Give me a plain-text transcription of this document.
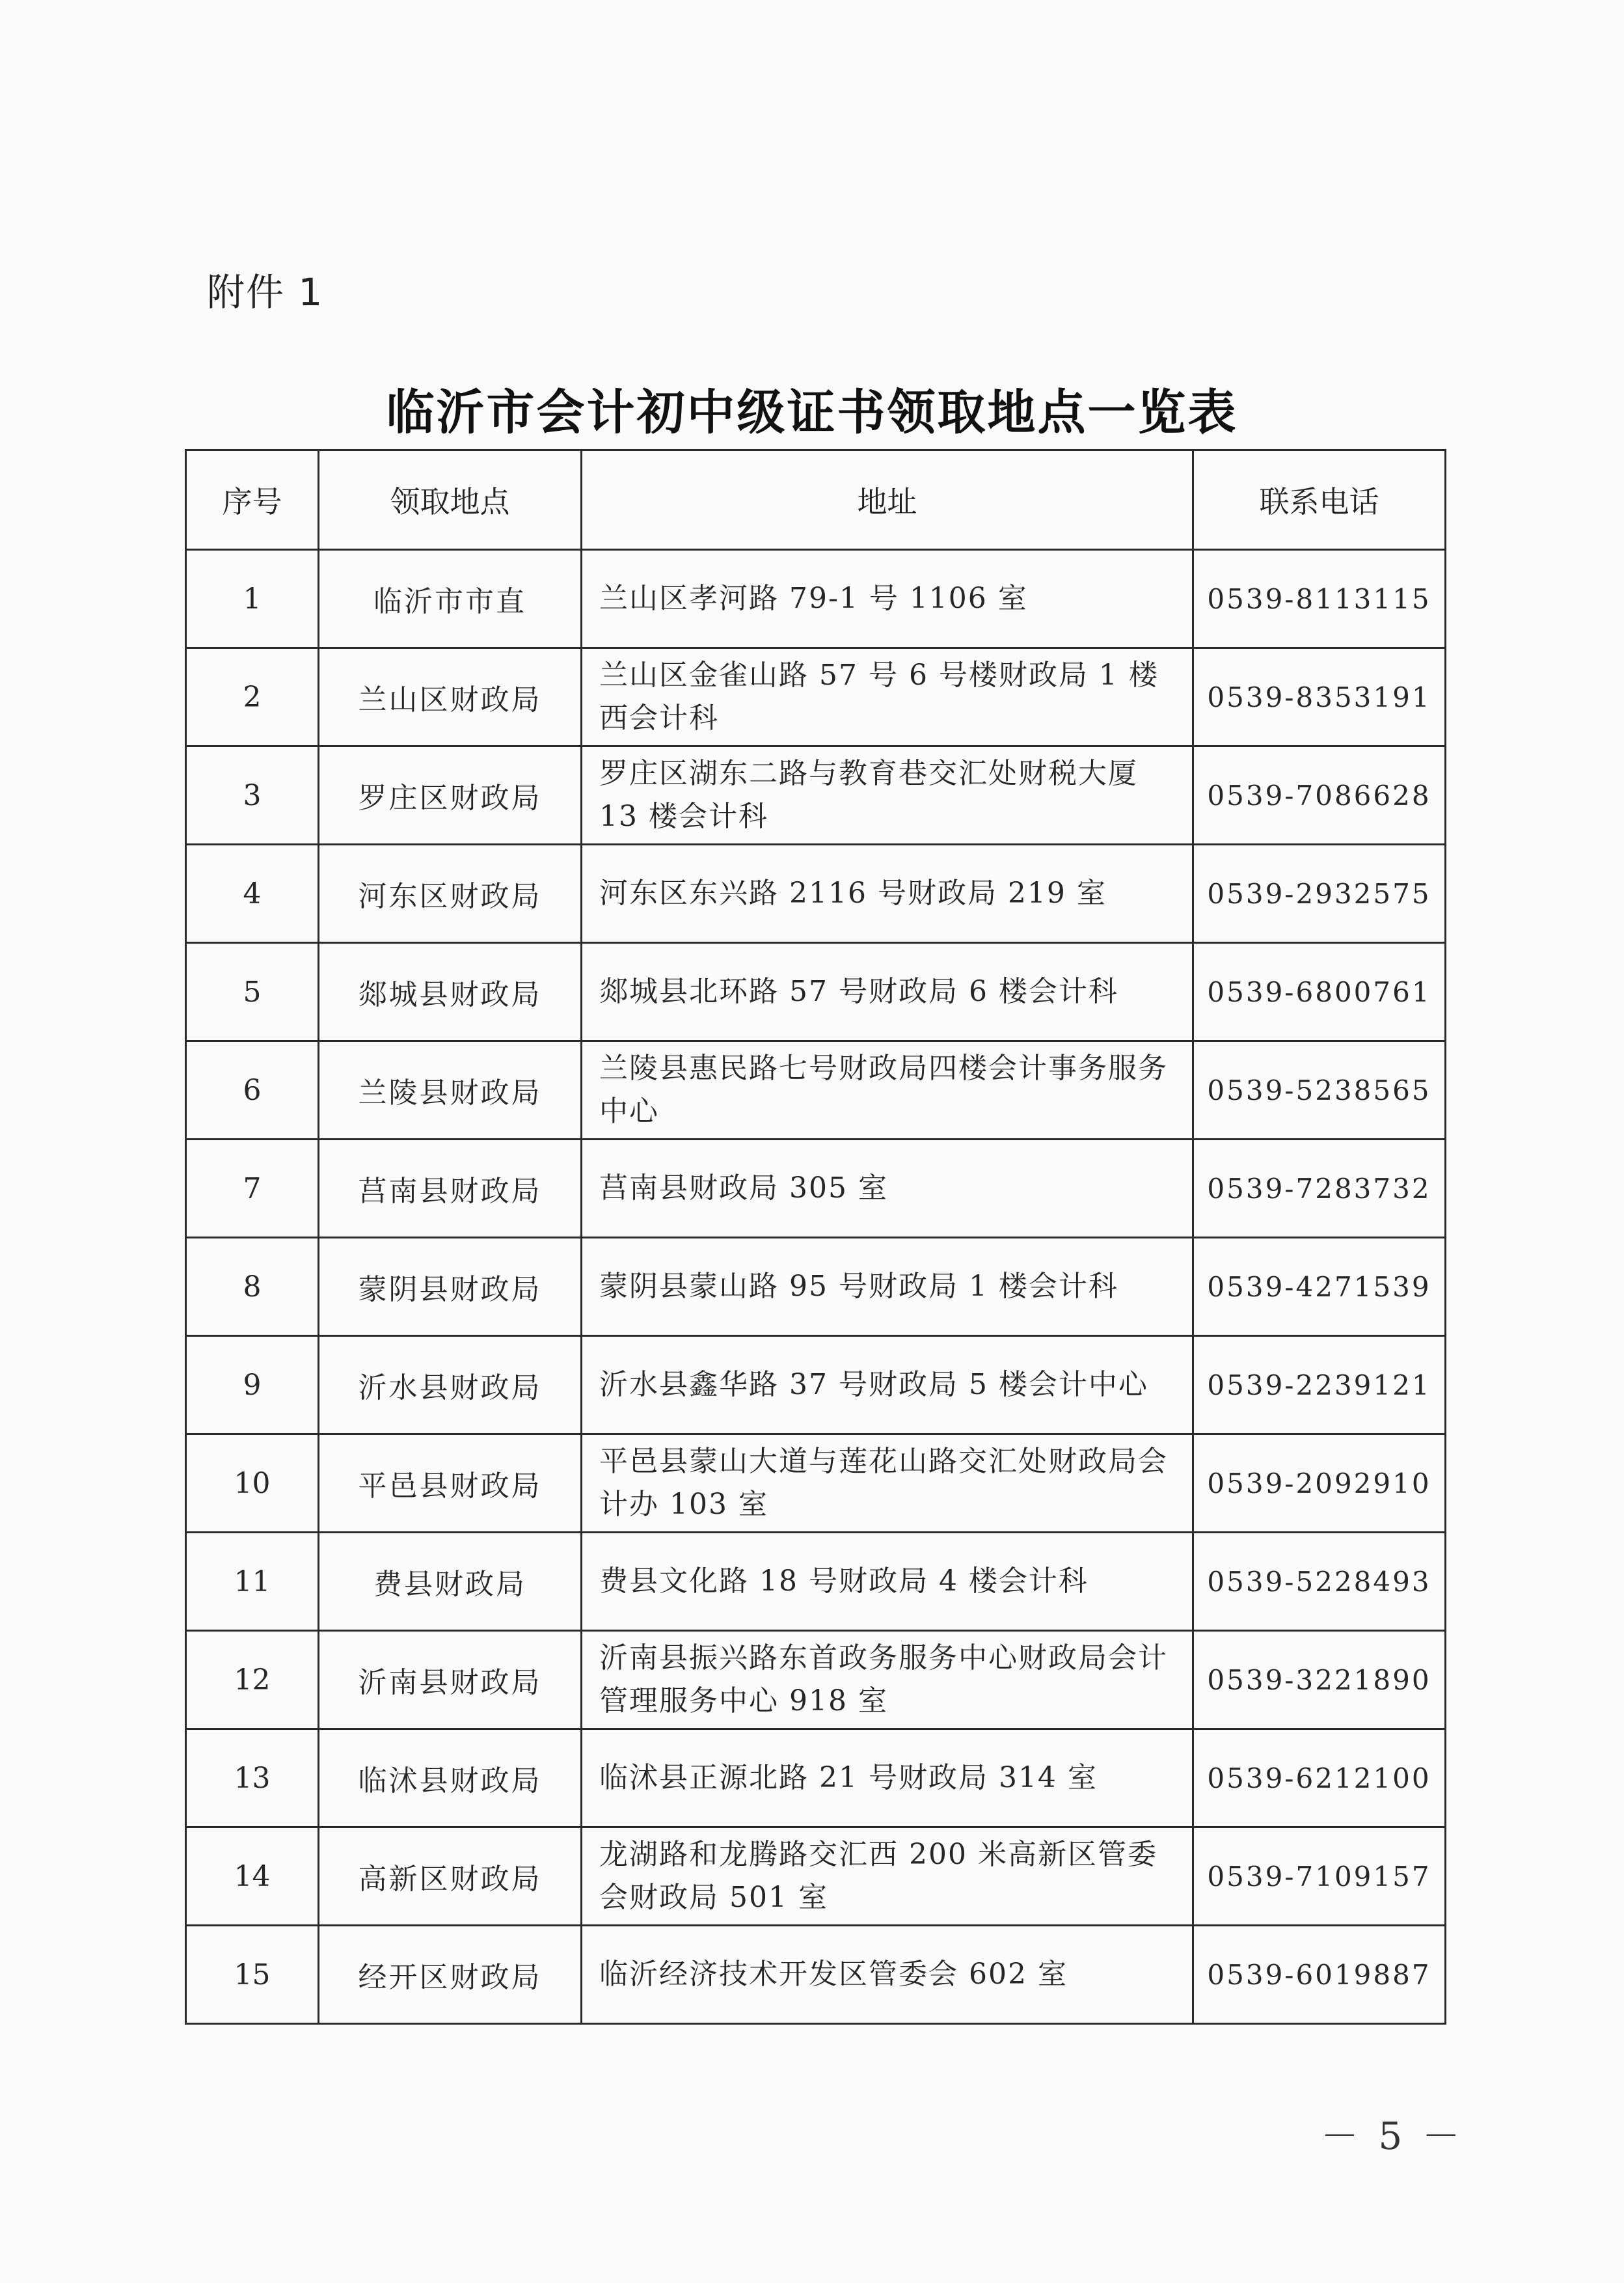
附件 1
临沂市会计初中级证书领取地点一览表
序号	领取地点	地址	联系电话
1	临沂市市直	兰山区孝河路 79-1 号 1106 室	0539-8113115
2	兰山区财政局	兰山区金雀山路 57 号 6 号楼财政局 1 楼西会计科	0539-8353191
3	罗庄区财政局	罗庄区湖东二路与教育巷交汇处财税大厦 13 楼会计科	0539-7086628
4	河东区财政局	河东区东兴路 2116 号财政局 219 室	0539-2932575
5	郯城县财政局	郯城县北环路 57 号财政局 6 楼会计科	0539-6800761
6	兰陵县财政局	兰陵县惠民路七号财政局四楼会计事务服务中心	0539-5238565
7	莒南县财政局	莒南县财政局 305 室	0539-7283732
8	蒙阴县财政局	蒙阴县蒙山路 95 号财政局 1 楼会计科	0539-4271539
9	沂水县财政局	沂水县鑫华路 37 号财政局 5 楼会计中心	0539-2239121
10	平邑县财政局	平邑县蒙山大道与莲花山路交汇处财政局会计办 103 室	0539-2092910
11	费县财政局	费县文化路 18 号财政局 4 楼会计科	0539-5228493
12	沂南县财政局	沂南县振兴路东首政务服务中心财政局会计管理服务中心 918 室	0539-3221890
13	临沭县财政局	临沭县正源北路 21 号财政局 314 室	0539-6212100
14	高新区财政局	龙湖路和龙腾路交汇西 200 米高新区管委会财政局 501 室	0539-7109157
15	经开区财政局	临沂经济技术开发区管委会 602 室	0539-6019887
－ 5 －
